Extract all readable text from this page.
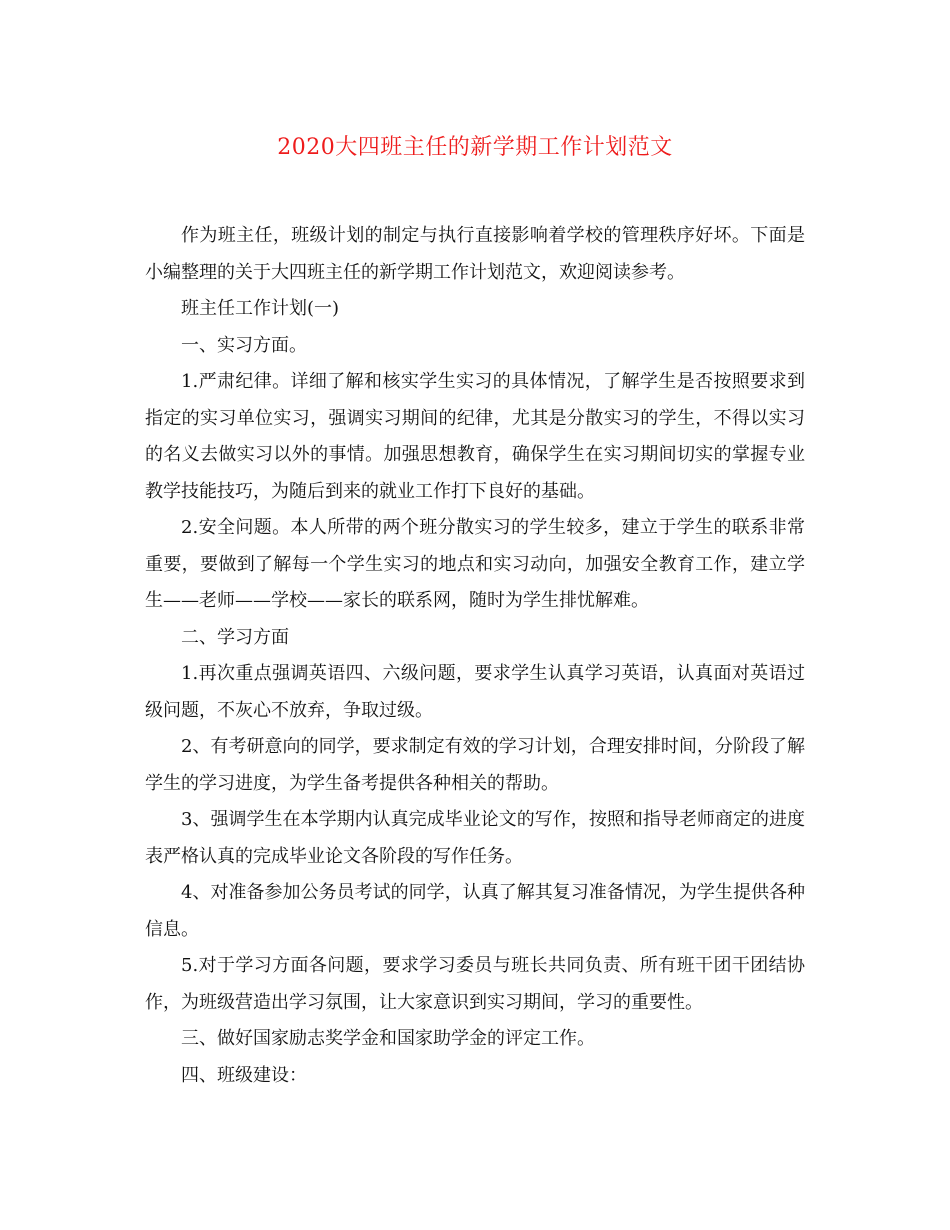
2020大四班主任的新学期工作计划范文

作为班主任，班级计划的制定与执行直接影响着学校的管理秩序好坏。下面是小编整理的关于大四班主任的新学期工作计划范文，欢迎阅读参考。

班主任工作计划(一)

一、实习方面。

1.严肃纪律。详细了解和核实学生实习的具体情况，了解学生是否按照要求到指定的实习单位实习，强调实习期间的纪律，尤其是分散实习的学生，不得以实习的名义去做实习以外的事情。加强思想教育，确保学生在实习期间切实的掌握专业教学技能技巧，为随后到来的就业工作打下良好的基础。

2.安全问题。本人所带的两个班分散实习的学生较多，建立于学生的联系非常重要，要做到了解每一个学生实习的地点和实习动向，加强安全教育工作，建立学生——老师——学校——家长的联系网，随时为学生排忧解难。

二、学习方面

1.再次重点强调英语四、六级问题，要求学生认真学习英语，认真面对英语过级问题，不灰心不放弃，争取过级。

2、有考研意向的同学，要求制定有效的学习计划，合理安排时间，分阶段了解学生的学习进度，为学生备考提供各种相关的帮助。

3、强调学生在本学期内认真完成毕业论文的写作，按照和指导老师商定的进度表严格认真的完成毕业论文各阶段的写作任务。

4、对准备参加公务员考试的同学，认真了解其复习准备情况，为学生提供各种信息。

5.对于学习方面各问题，要求学习委员与班长共同负责、所有班干团干团结协作，为班级营造出学习氛围，让大家意识到实习期间，学习的重要性。

三、做好国家励志奖学金和国家助学金的评定工作。

四、班级建设：
